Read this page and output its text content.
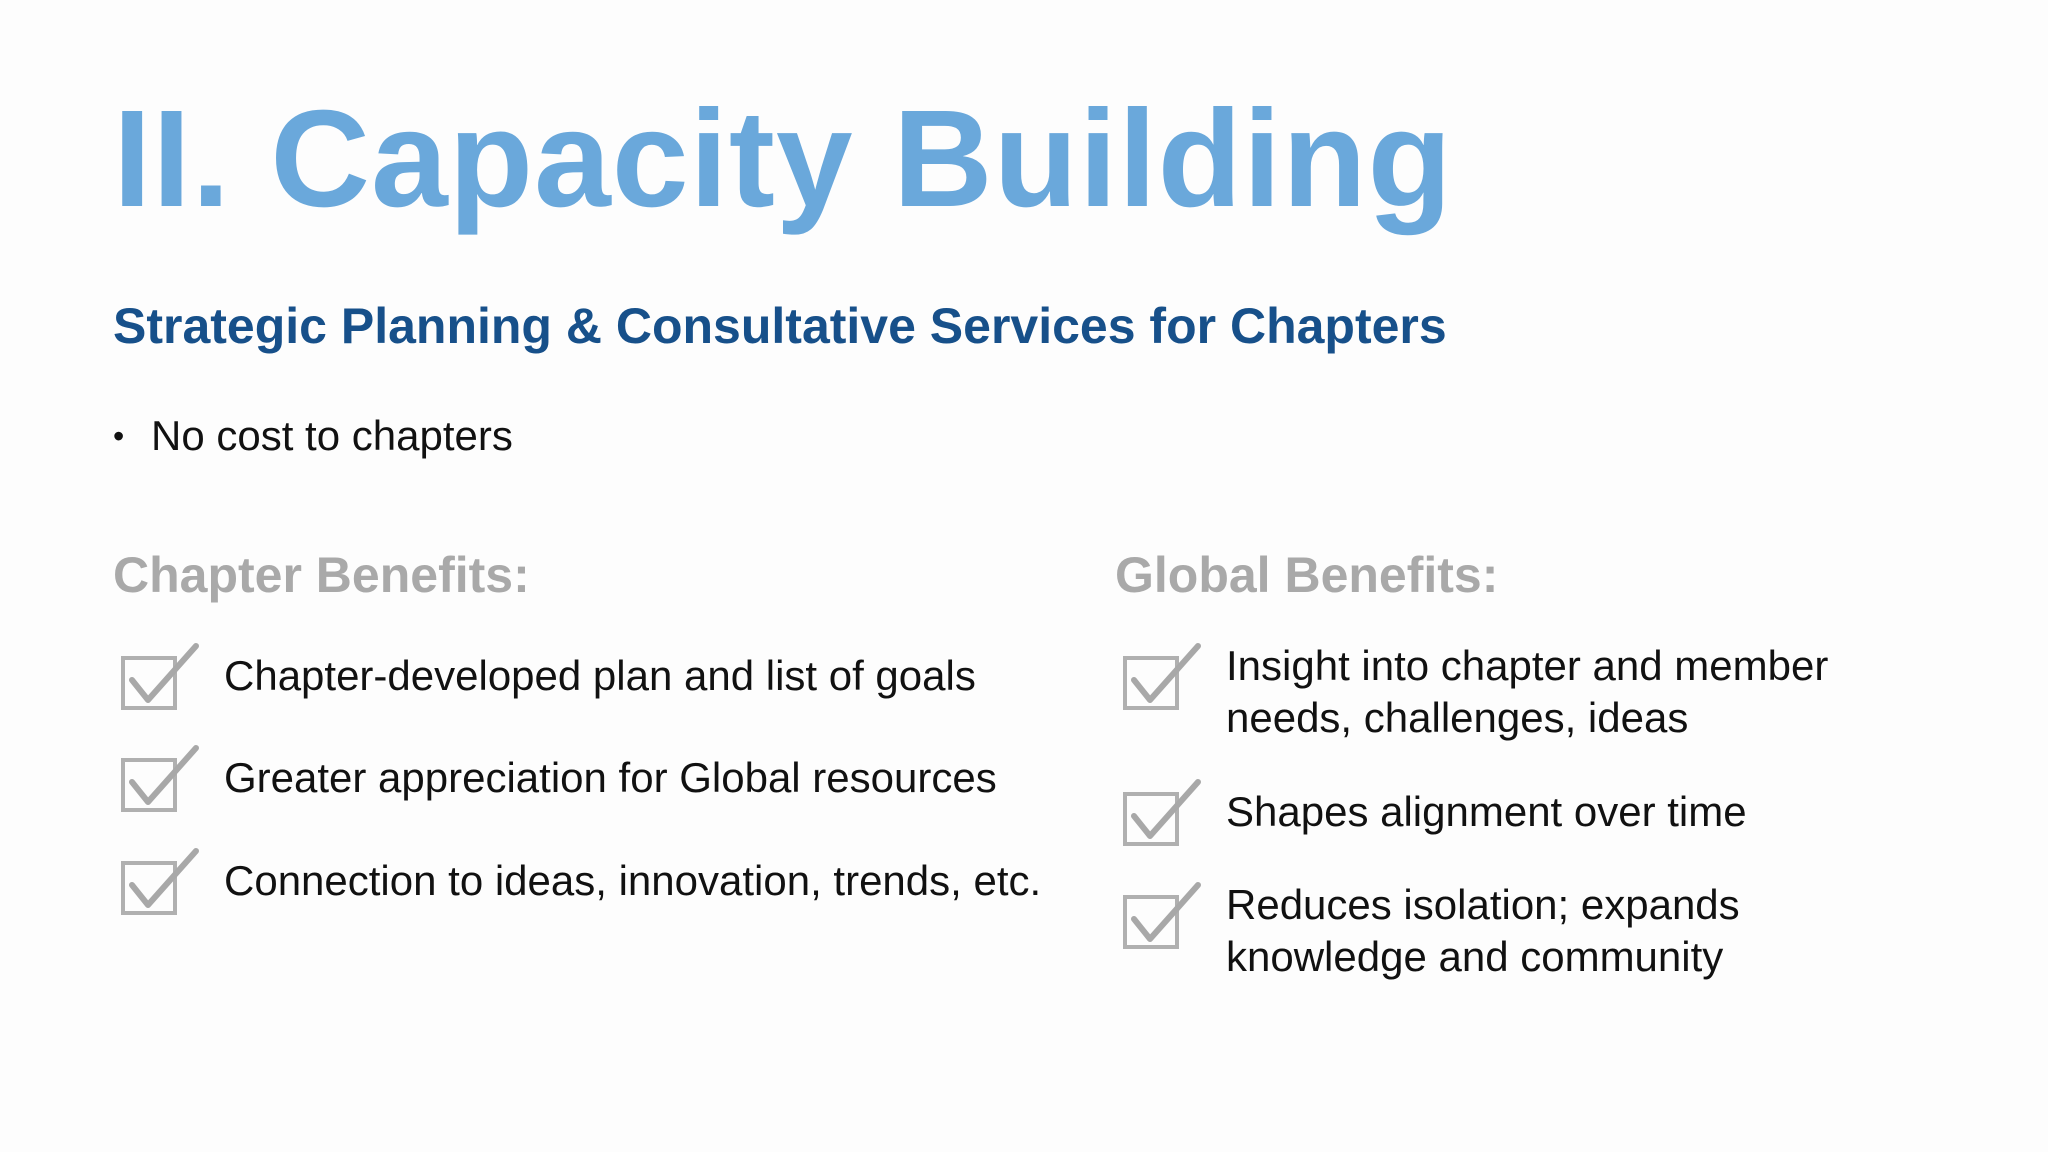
II. Capacity Building
Strategic Planning & Consultative Services for Chapters
• No cost to chapters
Chapter Benefits:
Chapter-developed plan and list of goals
Greater appreciation for Global resources
Connection to ideas, innovation, trends, etc.
Global Benefits:
Insight into chapter and member
needs, challenges, ideas
Shapes alignment over time
Reduces isolation; expands
knowledge and community
